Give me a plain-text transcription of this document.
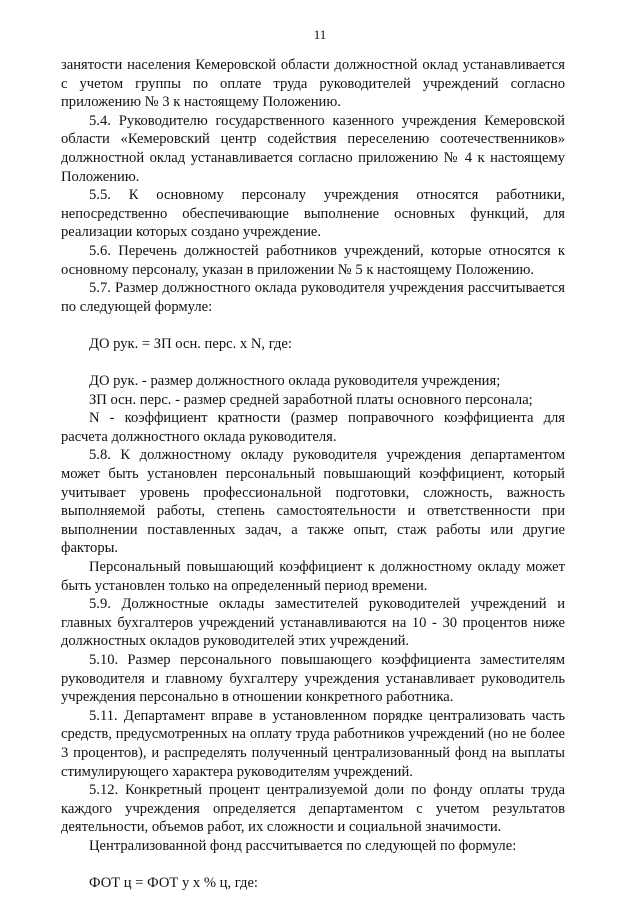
11

занятости населения Кемеровской области должностной оклад устанавливается с учетом группы по оплате труда руководителей учреждений согласно приложению № 3 к настоящему Положению.

5.4. Руководителю государственного казенного учреждения Кемеровской области «Кемеровский центр содействия переселению соотечественников» должностной оклад устанавливается согласно приложению № 4 к настоящему Положению.

5.5. К основному персоналу учреждения относятся работники, непосредственно обеспечивающие выполнение основных функций, для реализации которых создано учреждение.

5.6. Перечень должностей работников учреждений, которые относятся к основному персоналу, указан в приложении № 5 к настоящему Положению.

5.7. Размер должностного оклада руководителя учреждения рассчитывается по следующей формуле:

ДО рук. = ЗП осн. перс. х N, где:

ДО рук. - размер должностного оклада руководителя учреждения;

ЗП осн. перс. - размер средней заработной платы основного персонала;

N - коэффициент кратности (размер поправочного коэффициента для расчета должностного оклада руководителя.

5.8. К должностному окладу руководителя учреждения департаментом может быть установлен персональный повышающий коэффициент, который учитывает уровень профессиональной подготовки, сложность, важность выполняемой работы, степень самостоятельности и ответственности при выполнении поставленных задач, а также опыт, стаж работы или другие факторы.

Персональный повышающий коэффициент к должностному окладу может быть установлен только на определенный период времени.

5.9. Должностные оклады заместителей руководителей учреждений и главных бухгалтеров учреждений устанавливаются на 10 - 30 процентов ниже должностных окладов руководителей этих учреждений.

5.10. Размер персонального повышающего коэффициента заместителям руководителя и главному бухгалтеру учреждения устанавливает руководитель учреждения персонально в отношении конкретного работника.

5.11. Департамент вправе в установленном порядке централизовать часть средств, предусмотренных на оплату труда работников учреждений (но не более 3 процентов), и распределять полученный централизованный фонд на выплаты стимулирующего характера руководителям учреждений.

5.12. Конкретный процент централизуемой доли по фонду оплаты труда каждого учреждения определяется департаментом с учетом результатов деятельности, объемов работ, их сложности и социальной значимости.

Централизованной фонд рассчитывается по следующей по формуле:

ФОТ ц = ФОТ у х % ц, где:
